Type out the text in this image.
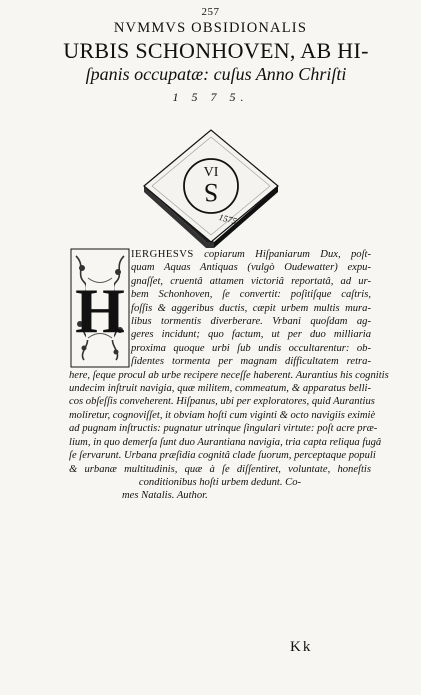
257
NVMMVS OBSIDIONALIS
URBIS SCHONHOVEN, AB HI-
ſpanis occupatæ: cuſus Anno Chriſti
1 5 7 5.
VI
S
1575
IERGHESVS copiarum Hiſpaniarum Dux, poſt-
quam Aquas Antiquas (vulgò Oudewatter) expu-
gnaſſet, cruentâ attamen victoriâ reportatâ, ad ur-
bem Schonhoven, ſe convertit: poſitiſque caſtris,
foſſis & aggeribus ductis, cæpit urbem multis mura-
libus tormentis diverberare. Vrbani quoſdam ag-
geres incidunt; quo factum, ut per duo milliaria
proxima quoque urbi ſub undis occultarentur: ob-
ſidentes tormenta per magnam difficultatem retra-
here, ſeque procul ab urbe recipere neceſſe haberent. Aurantius his cognitis
undecim inſtruit navigia, quæ militem, commeatum, & apparatus belli-
cos obſeſſis conveherent. Hiſpanus, ubi per exploratores, quid Aurantius
moliretur, cognoviſſet, it obviam hoſti cum viginti & octo navigiis eximiè
ad pugnam inſtructis: pugnatur utrinque ſingulari virtute: poſt acre præ-
lium, in quo demerſa ſunt duo Aurantiana navigia, tria capta reliqua fugâ
ſe ſervarunt. Urbana præſidia cognitâ clade ſuorum, perceptaque populi
& urbanæ multitudinis, quæ à ſe diſſentiret, voluntate, honeſtis
conditionibus hoſti urbem dedunt. Co-
mes Natalis. Author.
H
Kk
